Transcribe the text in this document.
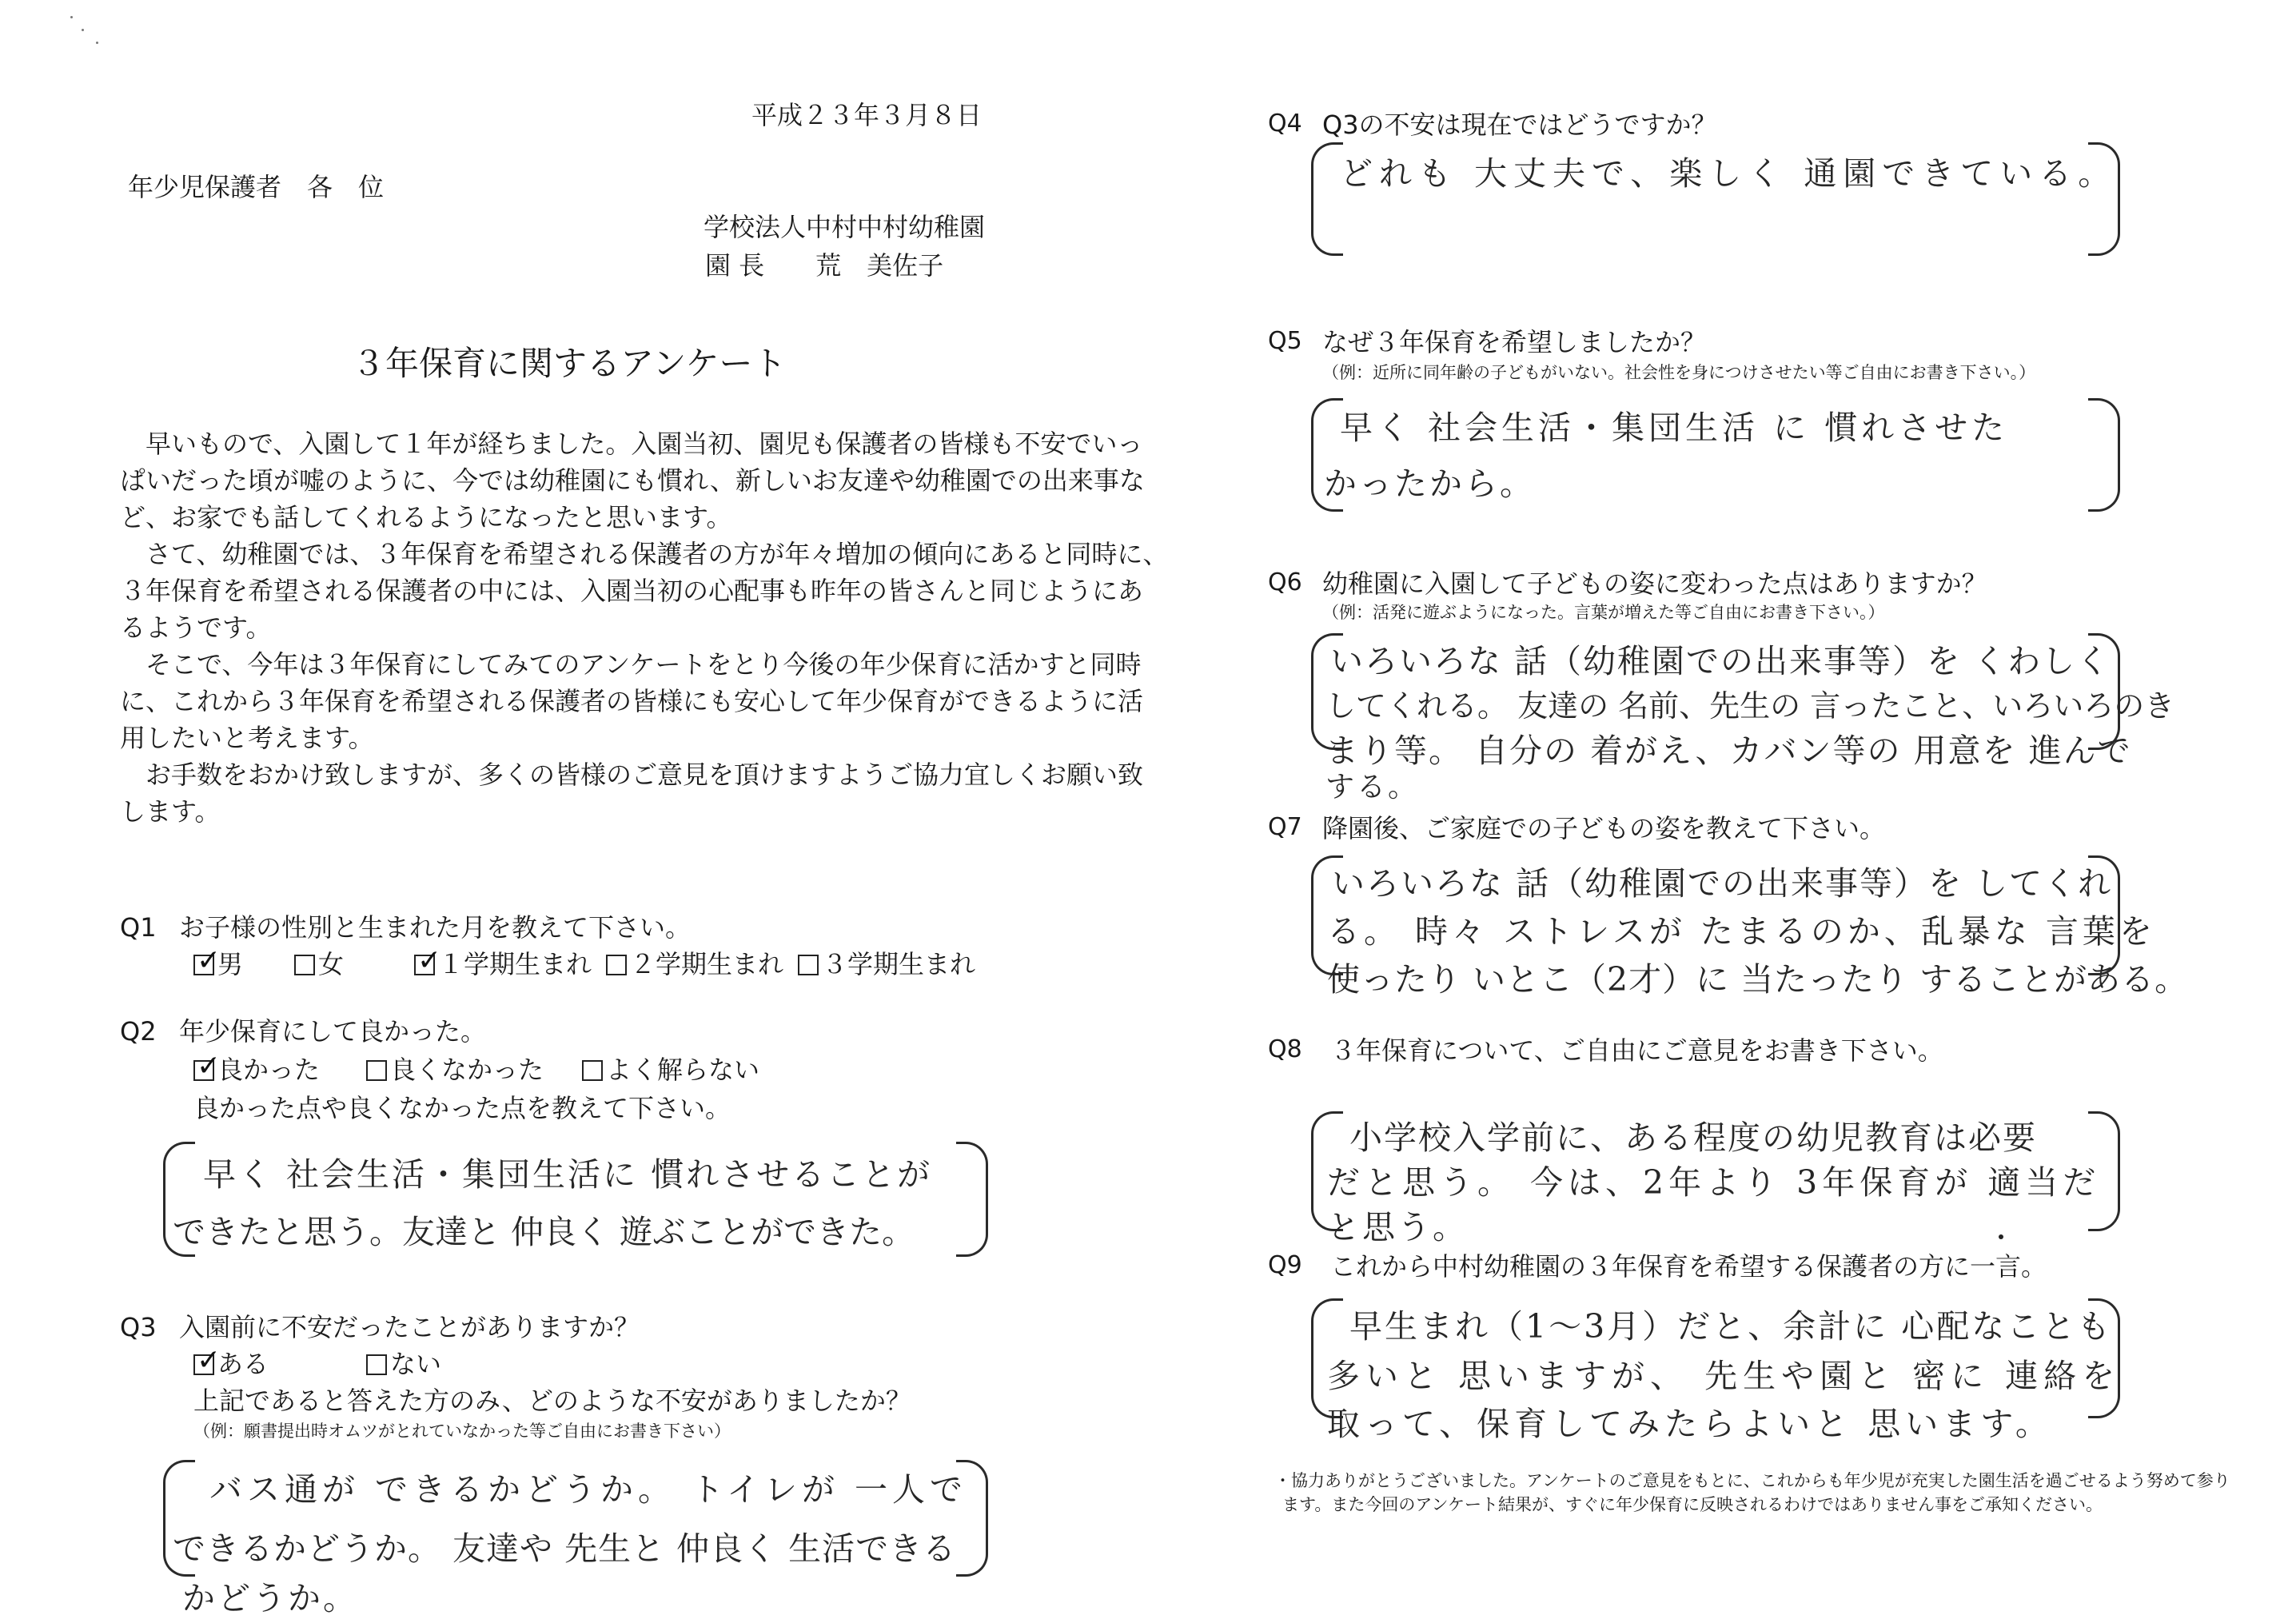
平成２３年３月８日
年少児保護者　各　位
学校法人中村中村幼稚園
園 長　　荒　美佐子
３年保育に関するアンケート
　早いもので、入園して１年が経ちました。入園当初、園児も保護者の皆様も不安でいっ
ぱいだった頃が嘘のように、今では幼稚園にも慣れ、新しいお友達や幼稚園での出来事な
ど、お家でも話してくれるようになったと思います。
　さて、幼稚園では、３年保育を希望される保護者の方が年々増加の傾向にあると同時に、
３年保育を希望される保護者の中には、入園当初の心配事も昨年の皆さんと同じようにあ
るようです。
　そこで、今年は３年保育にしてみてのアンケートをとり今後の年少保育に活かすと同時
に、これから３年保育を希望される保護者の皆様にも安心して年少保育ができるように活
用したいと考えます。
　お手数をおかけ致しますが、多くの皆様のご意見を頂けますようご協力宜しくお願い致
します。
Q1 お子様の性別と生まれた月を教えて下さい。
✓
男	女	✓
１学期生まれ	２学期生まれ	３学期生まれ
Q2 年少保育にして良かった。
✓
良かった	良くなかった	よく解らない
良かった点や良くなかった点を教えて下さい。
早く 社会生活・集団生活に 慣れさせることが
できたと思う。友達と 仲良く 遊ぶことができた。
Q3 入園前に不安だったことがありますか？
✓
ある	ない
上記であると答えた方のみ、どのような不安がありましたか？
（例：願書提出時オムツがとれていなかった等ご自由にお書き下さい）
バス通が できるかどうか。 トイレが 一人で
できるかどうか。 友達や 先生と 仲良く 生活できる
かどうか。
Q4 Q3の不安は現在ではどうですか？
どれも 大丈夫で、楽しく 通園できている。
Q5 なぜ３年保育を希望しましたか？
（例：近所に同年齢の子どもがいない。社会性を身につけさせたい等ご自由にお書き下さい。）
早く 社会生活・集団生活 に 慣れさせた
かったから。
Q6 幼稚園に入園して子どもの姿に変わった点はありますか？
（例：活発に遊ぶようになった。言葉が増えた等ご自由にお書き下さい。）
いろいろな 話（幼稚園での出来事等）を くわしく
してくれる。 友達の 名前、先生の 言ったこと、いろいろのき
まり等。 自分の 着がえ、カバン等の 用意を 進んで
する。
Q7 降園後、ご家庭での子どもの姿を教えて下さい。
いろいろな 話（幼稚園での出来事等）を してくれ
る。 時々 ストレスが たまるのか、乱暴な 言葉を
使ったり いとこ（2才）に 当たったり することがある。
Q8 ３年保育について、ご自由にご意見をお書き下さい。
小学校入学前に、ある程度の幼児教育は必要
だと思う。 今は、2年より 3年保育が 適当だ
と思う。
Q9 これから中村幼稚園の３年保育を希望する保護者の方に一言。
早生まれ（1〜3月）だと、余計に 心配なことも
多いと 思いますが、 先生や園と 密に 連絡を
取って、保育してみたらよいと 思います。
・協力ありがとうございました。アンケートのご意見をもとに、これからも年少児が充実した園生活を過ごせるよう努めて参り
ます。また今回のアンケート結果が、すぐに年少保育に反映されるわけではありません事をご承知ください。
